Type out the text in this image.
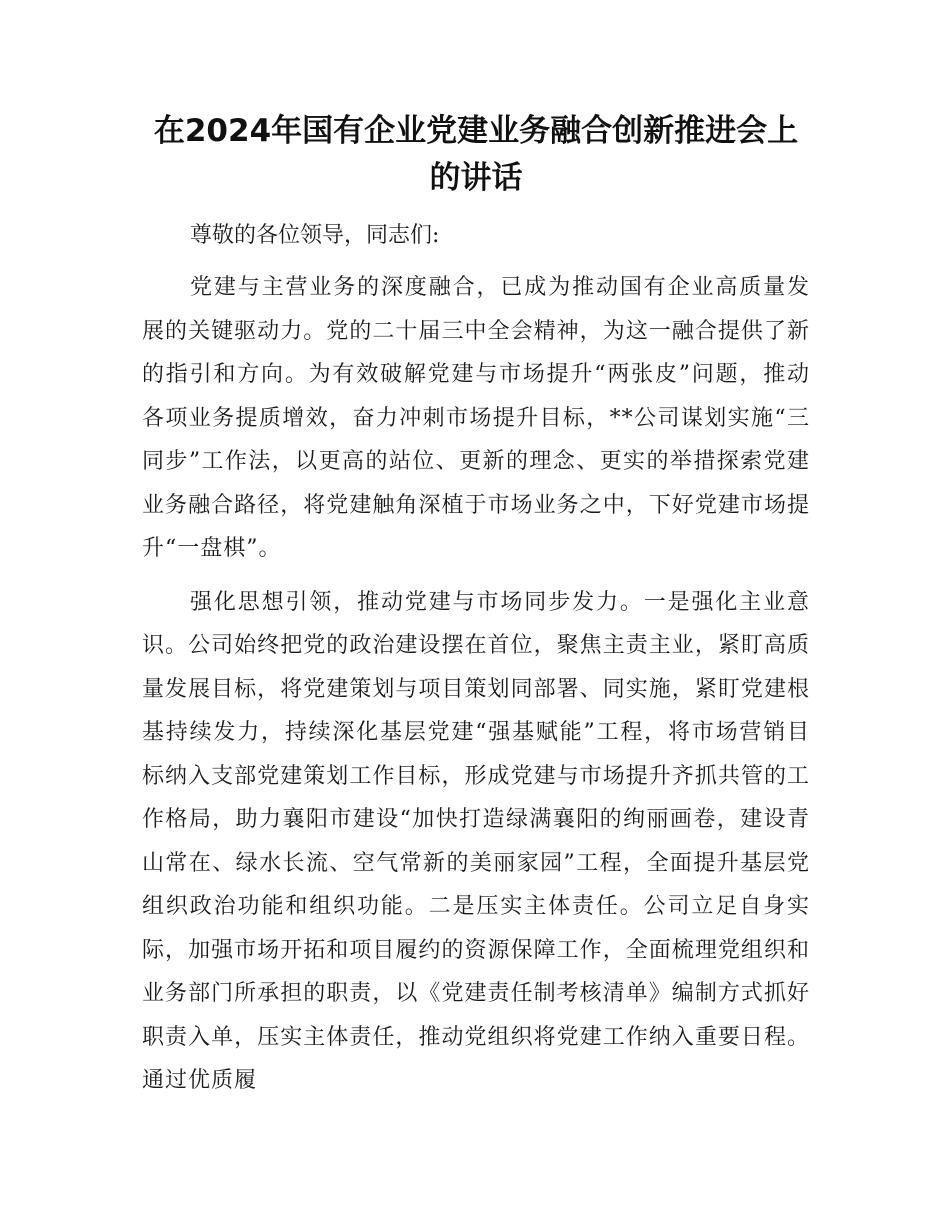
在2024年国有企业党建业务融合创新推进会上
的讲话

尊敬的各位领导，同志们:

党建与主营业务的深度融合，已成为推动国有企业高质量发展的关键驱动力。党的二十届三中全会精神，为这一融合提供了新的指引和方向。为有效破解党建与市场提升“两张皮”问题，推动各项业务提质增效，奋力冲刺市场提升目标，**公司谋划实施“三同步”工作法，以更高的站位、更新的理念、更实的举措探索党建业务融合路径，将党建触角深植于市场业务之中，下好党建市场提升“一盘棋”。

强化思想引领，推动党建与市场同步发力。一是强化主业意识。公司始终把党的政治建设摆在首位，聚焦主责主业，紧盯高质量发展目标，将党建策划与项目策划同部署、同实施，紧盯党建根基持续发力，持续深化基层党建“强基赋能”工程，将市场营销目标纳入支部党建策划工作目标，形成党建与市场提升齐抓共管的工作格局，助力襄阳市建设“加快打造绿满襄阳的绚丽画卷，建设青山常在、绿水长流、空气常新的美丽家园”工程，全面提升基层党组织政治功能和组织功能。二是压实主体责任。公司立足自身实际，加强市场开拓和项目履约的资源保障工作，全面梳理党组织和业务部门所承担的职责，以《党建责任制考核清单》编制方式抓好职责入单，压实主体责任，推动党组织将党建工作纳入重要日程。通过优质履
